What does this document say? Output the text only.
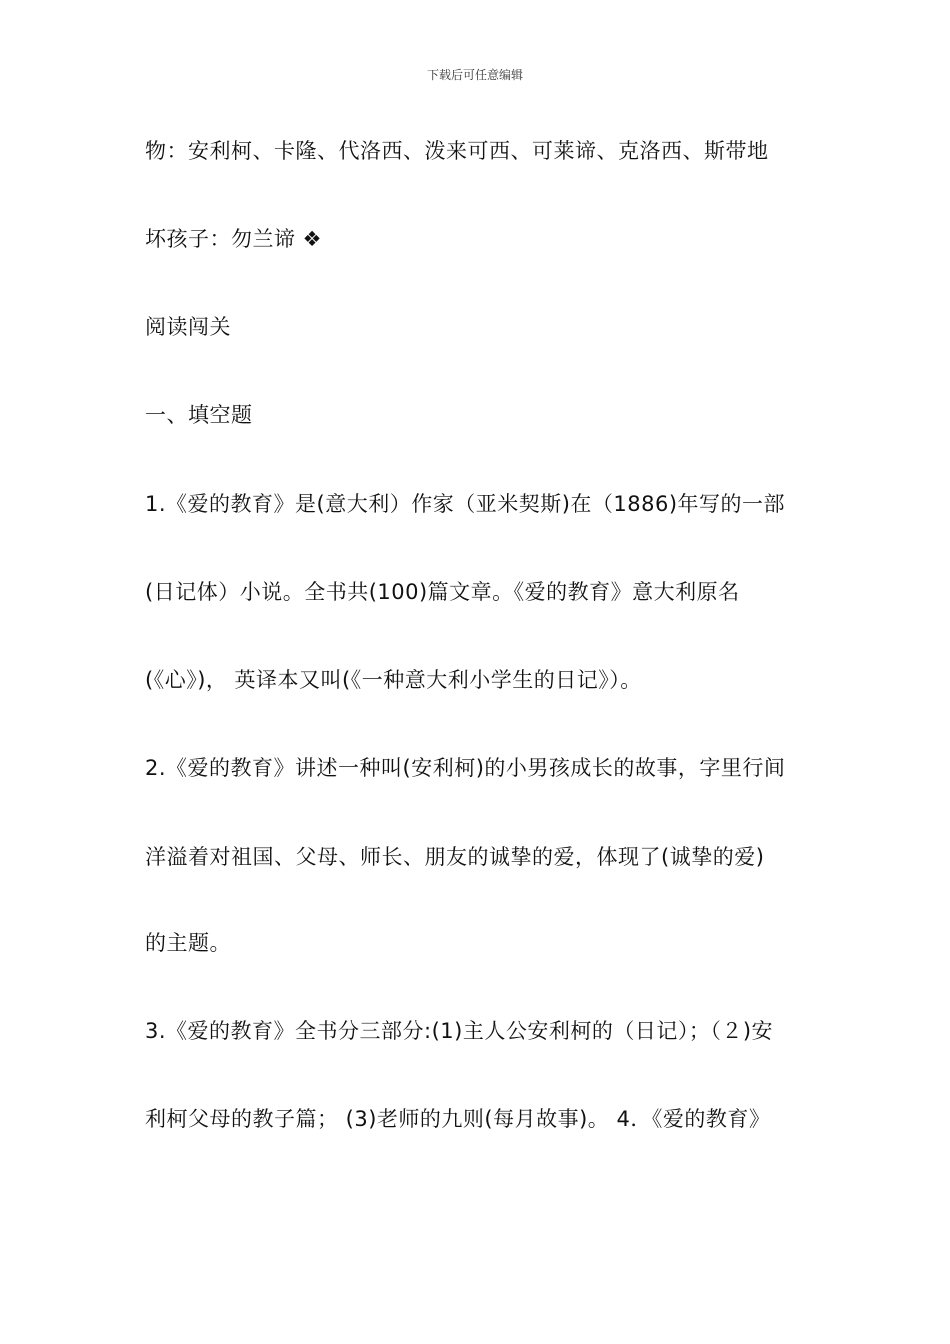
下载后可任意编辑
物：安利柯、卡隆、代洛西、泼来可西、可莱谛、克洛西、斯带地
坏孩子：勿兰谛 ❖
阅读闯关
一、填空题
1.《爱的教育》是(意大利）作家（亚米契斯)在（1886)年写的一部
(日记体）小说。全书共(100)篇文章。《爱的教育》意大利原名
(《心》)， 英译本又叫(《一种意大利小学生的日记》）。
2.《爱的教育》讲述一种叫(安利柯)的小男孩成长的故事，字里行间
洋溢着对祖国、父母、师长、朋友的诚挚的爱，体现了(诚挚的爱)
的主题。
3.《爱的教育》全书分三部分:(1)主人公安利柯的（日记）；（２)安
利柯父母的教子篇； (3)老师的九则(每月故事)。 4．《爱的教育》
